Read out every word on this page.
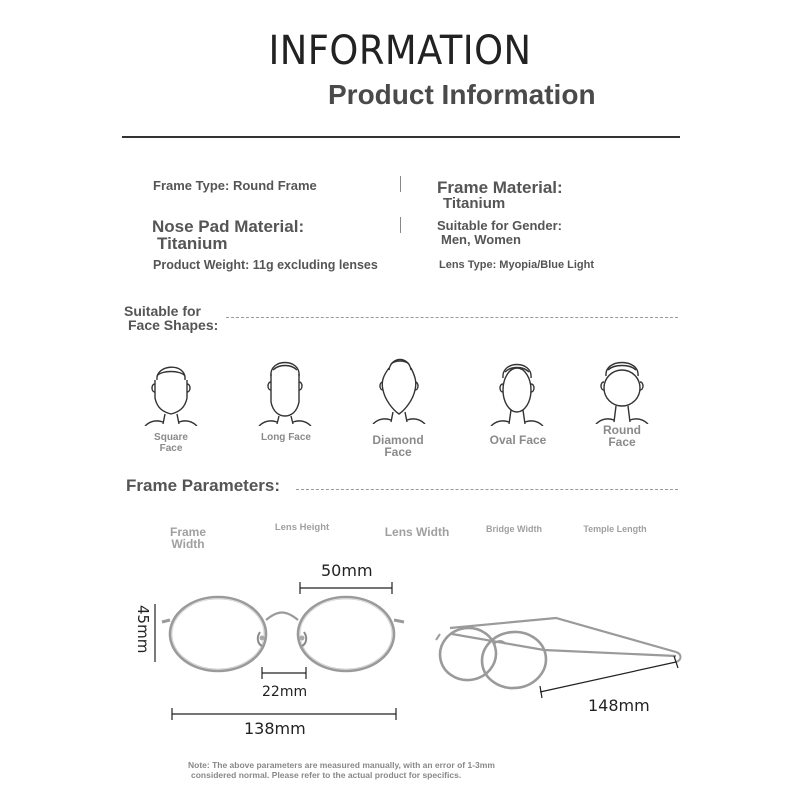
INFORMATION
Product Information
Frame Type: Round Frame	Frame Material:
Titanium
Nose Pad Material:
Titanium
Suitable for Gender:
Men, Women
Product Weight: 11g excluding lenses	Lens Type: Myopia/Blue Light
Suitable for
Face Shapes:
Square
Face
Long Face	Diamond
Face
Oval Face
Round
Face
Frame Parameters:
Frame
Width
Lens Height	Lens Width	Bridge Width	Temple Length
50mm
45mm
22mm
138mm
148mm
Note: The above parameters are measured manually, with an error of 1-3mm
considered normal. Please refer to the actual product for specifics.
